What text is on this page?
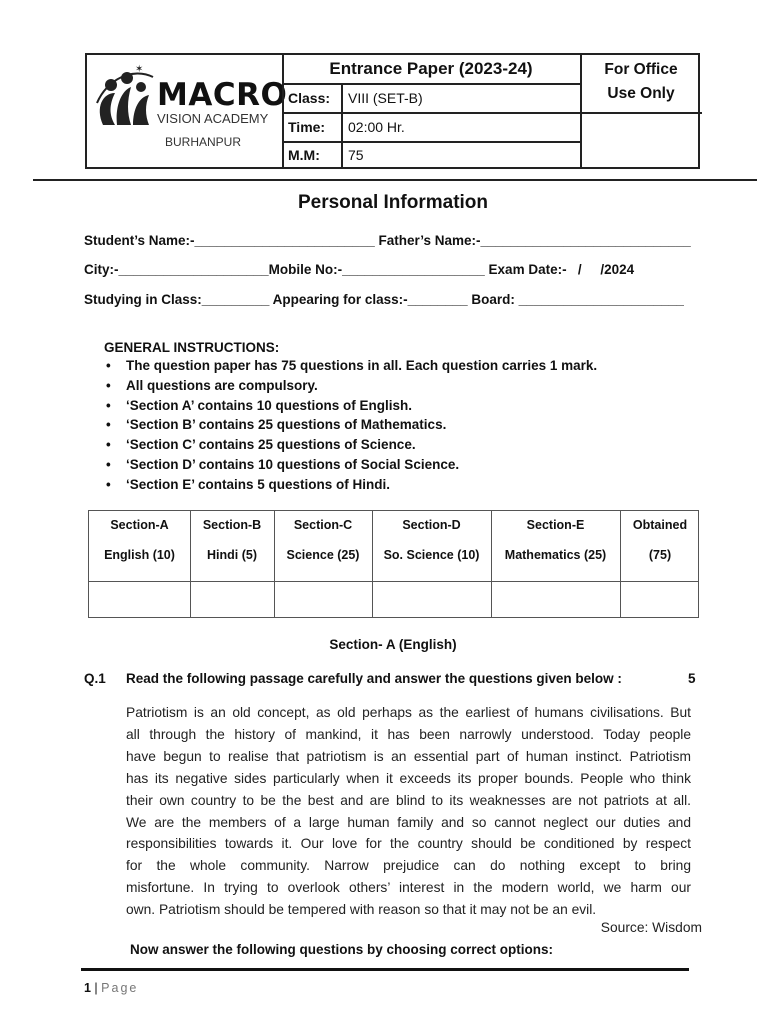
✶
MACRO
VISION ACADEMY
BURHANPUR
Entrance Paper (2023-24)
Class: VIII (SET-B)
Time: 02:00 Hr.
M.M: 75
For Office
Use Only
Personal Information
Student’s Name:-________________________ Father’s Name:-____________________________
City:-____________________Mobile No:-___________________ Exam Date:-   /     /2024
Studying in Class:_________ Appearing for class:-________ Board: ______________________
GENERAL INSTRUCTIONS:
• The question paper has 75 questions in all. Each question carries 1 mark.
• All questions are compulsory.
• ‘Section A’ contains 10 questions of English.
• ‘Section B’ contains 25 questions of Mathematics.
• ‘Section C’ contains 25 questions of Science.
• ‘Section D’ contains 10 questions of Social Science.
• ‘Section E’ contains 5 questions of Hindi.
Section-A
English (10)
Section-B
Hindi (5)
Section-C
Science (25)
Section-D
So. Science (10)
Section-E
Mathematics (25)
Obtained
(75)
Section- A (English)
Q.1 Read the following passage carefully and answer the questions given below :	5
Patriotism is an old concept, as old perhaps as the earliest of humans civilisations. But
all through the history of mankind, it has been narrowly understood. Today people
have begun to realise that patriotism is an essential part of human instinct. Patriotism
has its negative sides particularly when it exceeds its proper bounds. People who think
their own country to be the best and are blind to its weaknesses are not patriots at all.
We are the members of a large human family and so cannot neglect our duties and
responsibilities towards it. Our love for the country should be conditioned by respect
for the whole community. Narrow prejudice can do nothing except to bring
misfortune. In trying to overlook others’ interest in the modern world, we harm our
own. Patriotism should be tempered with reason so that it may not be an evil.
Source: Wisdom
Now answer the following questions by choosing correct options:
1 | Page
